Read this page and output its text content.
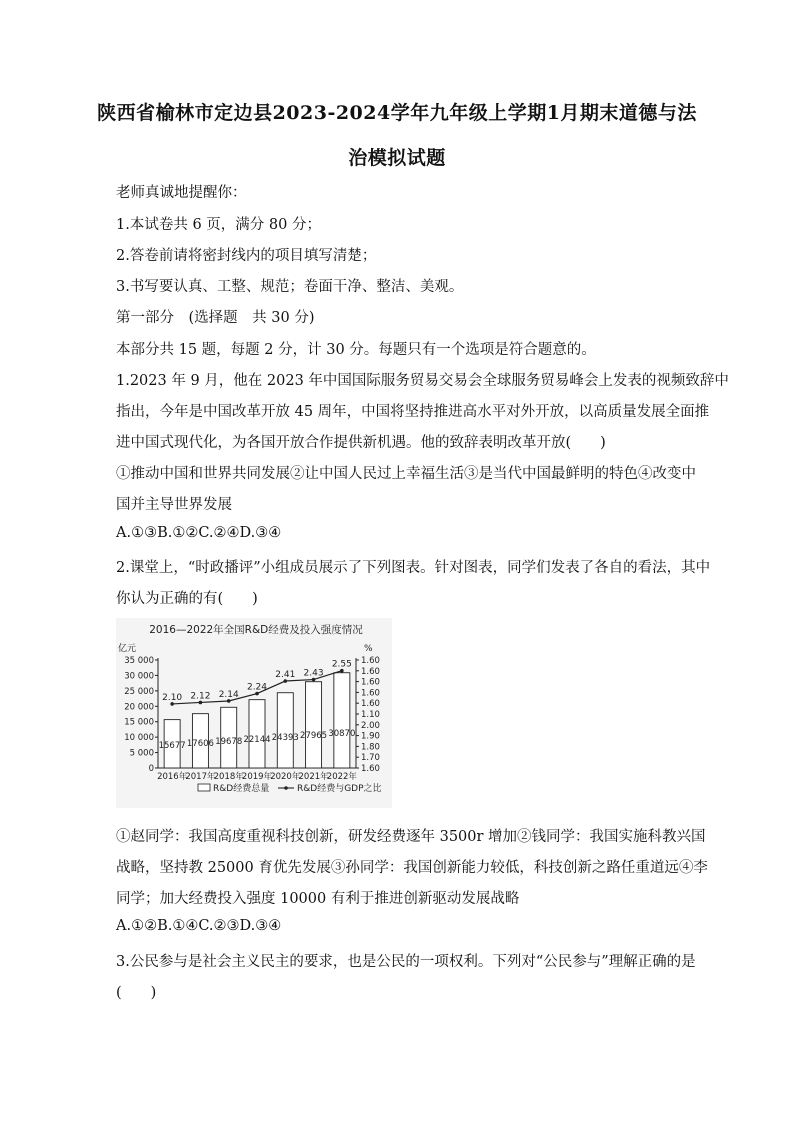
陕西省榆林市定边县2023-2024学年九年级上学期1月期末道德与法
治模拟试题
老师真诚地提醒你：
1.本试卷共 6 页，满分 80 分；
2.答卷前请将密封线内的项目填写清楚；
3.书写要认真、工整、规范；卷面干净、整洁、美观。
第一部分　(选择题　共 30 分)
本部分共 15 题，每题 2 分，计 30 分。每题只有一个选项是符合题意的。
1.2023 年 9 月，他在 2023 年中国国际服务贸易交易会全球服务贸易峰会上发表的视频致辞中
指出，今年是中国改革开放 45 周年，中国将坚持推进高水平对外开放，以高质量发展全面推
进中国式现代化，为各国开放合作提供新机遇。他的致辞表明改革开放(　　)
①推动中国和世界共同发展②让中国人民过上幸福生活③是当代中国最鲜明的特色④改变中
国并主导世界发展
A.①③B.①②C.②④D.③④
2.课堂上，“时政播评”小组成员展示了下列图表。针对图表，同学们发表了各自的看法，其中
你认为正确的有(　　)
2016—2022年全国R&D经费及投入强度情况
亿元	%
35 000
30 000
25 000
20 000
15 000
10 000
5 000
0
1.60
1.60
1.60
1.60
1.60
1.10
2.00
1.90
1.80
1.70
1.60
15677
2016年
17606
2017年
19678
2018年
22144
2019年
24393
2020年
27965
2021年
30870
2022年
2.10 2.12 2.14
2.24
2.41 2.43
2.55
R&D经费总量	R&D经费与GDP之比
①赵同学：我国高度重视科技创新，研发经费逐年 3500r 增加②钱同学：我国实施科教兴国
战略，坚持教 25000 育优先发展③孙同学：我国创新能力较低，科技创新之路任重道远④李
同学；加大经费投入强度 10000 有利于推进创新驱动发展战略
A.①②B.①④C.②③D.③④
3.公民参与是社会主义民主的要求，也是公民的一项权利。下列对“公民参与”理解正确的是
(　　)
